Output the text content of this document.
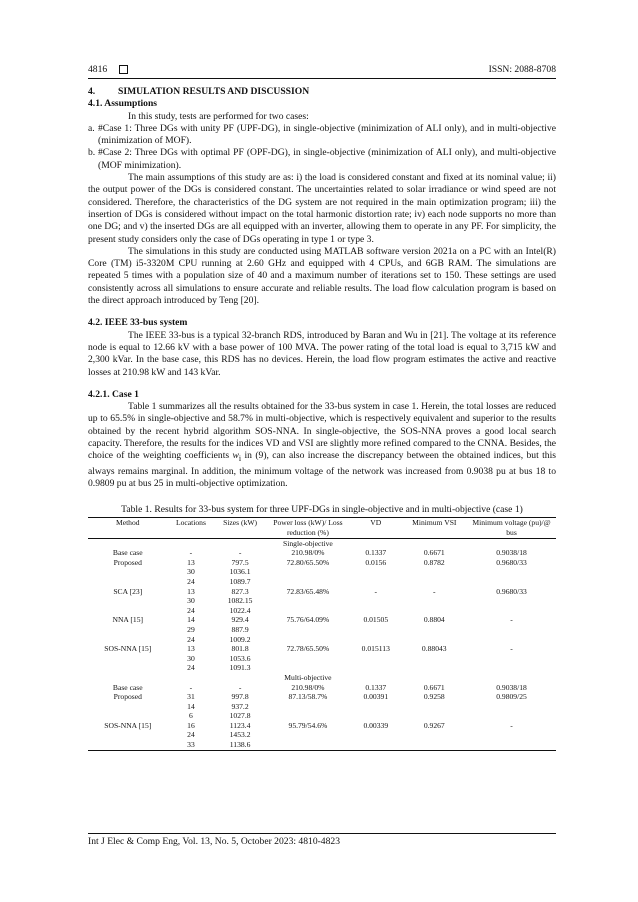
4816	ISSN: 2088-8708
4. SIMULATION RESULTS AND DISCUSSION
4.1. Assumptions

In this study, tests are performed for two cases:

a. #Case 1: Three DGs with unity PF (UPF-DG), in single-objective (minimization of ALI only), and in multi-objective (minimization of MOF).
b. #Case 2: Three DGs with optimal PF (OPF-DG), in single-objective (minimization of ALI only), and multi-objective (MOF minimization).

The main assumptions of this study are as: i) the load is considered constant and fixed at its nominal value; ii) the output power of the DGs is considered constant. The uncertainties related to solar irradiance or wind speed are not considered. Therefore, the characteristics of the DG system are not required in the main optimization program; iii) the insertion of DGs is considered without impact on the total harmonic distortion rate; iv) each node supports no more than one DG; and v) the inserted DGs are all equipped with an inverter, allowing them to operate in any PF. For simplicity, the present study considers only the case of DGs operating in type 1 or type 3.

The simulations in this study are conducted using MATLAB software version 2021a on a PC with an Intel(R) Core (TM) i5-3320M CPU running at 2.60 GHz and equipped with 4 CPUs, and 6GB RAM. The simulations are repeated 5 times with a population size of 40 and a maximum number of iterations set to 150. These settings are used consistently across all simulations to ensure accurate and reliable results. The load flow calculation program is based on the direct approach introduced by Teng [20].

4.2. IEEE 33-bus system

The IEEE 33-bus is a typical 32-branch RDS, introduced by Baran and Wu in [21]. The voltage at its reference node is equal to 12.66 kV with a base power of 100 MVA. The power rating of the total load is equal to 3,715 kW and 2,300 kVar. In the base case, this RDS has no devices. Herein, the load flow program estimates the active and reactive losses at 210.98 kW and 143 kVar.

4.2.1. Case 1

Table 1 summarizes all the results obtained for the 33-bus system in case 1. Herein, the total losses are reduced up to 65.5% in single-objective and 58.7% in multi-objective, which is respectively equivalent and superior to the results obtained by the recent hybrid algorithm SOS-NNA. In single-objective, the SOS-NNA proves a good local search capacity. Therefore, the results for the indices VD and VSI are slightly more refined compared to the CNNA. Besides, the choice of the weighting coefficients $w_i$ in (9), can also increase the discrepancy between the obtained indices, but this always remains marginal. In addition, the minimum voltage of the network was increased from 0.9038 pu at bus 18 to 0.9809 pu at bus 25 in multi-objective optimization.

Table 1. Results for 33-bus system for three UPF-DGs in single-objective and in multi-objective (case 1)
Method	Locations	Sizes (kW)	Power loss (kW)/ Loss reduction (%)	VD	Minimum VSI	Minimum voltage (pu)/@ bus
			Single-objective			
Base case	-	-	210.98/0%	0.1337	0.6671	0.9038/18
Proposed	13	797.5	72.80/65.50%	0.0156	0.8782	0.9680/33
	30	1036.1				
	24	1089.7				
SCA [23]	13	827.3	72.83/65.48%	-	-	0.9680/33
	30	1082.15				
	24	1022.4				
NNA [15]	14	929.4	75.76/64.09%	0.01505	0.8804	-
	29	887.9				
	24	1009.2				
SOS-NNA [15]	13	801.8	72.78/65.50%	0.015113	0.88043	-
	30	1053.6				
	24	1091.3				
			Multi-objective			
Base case	-	-	210.98/0%	0.1337	0.6671	0.9038/18
Proposed	31	997.8	87.13/58.7%	0.00391	0.9258	0.9809/25
	14	937.2				
	6	1027.8				
SOS-NNA [15]	16	1123.4	95.79/54.6%	0.00339	0.9267	-
	24	1453.2				
	33	1138.6				
Int J Elec & Comp Eng, Vol. 13, No. 5, October 2023: 4810-4823
